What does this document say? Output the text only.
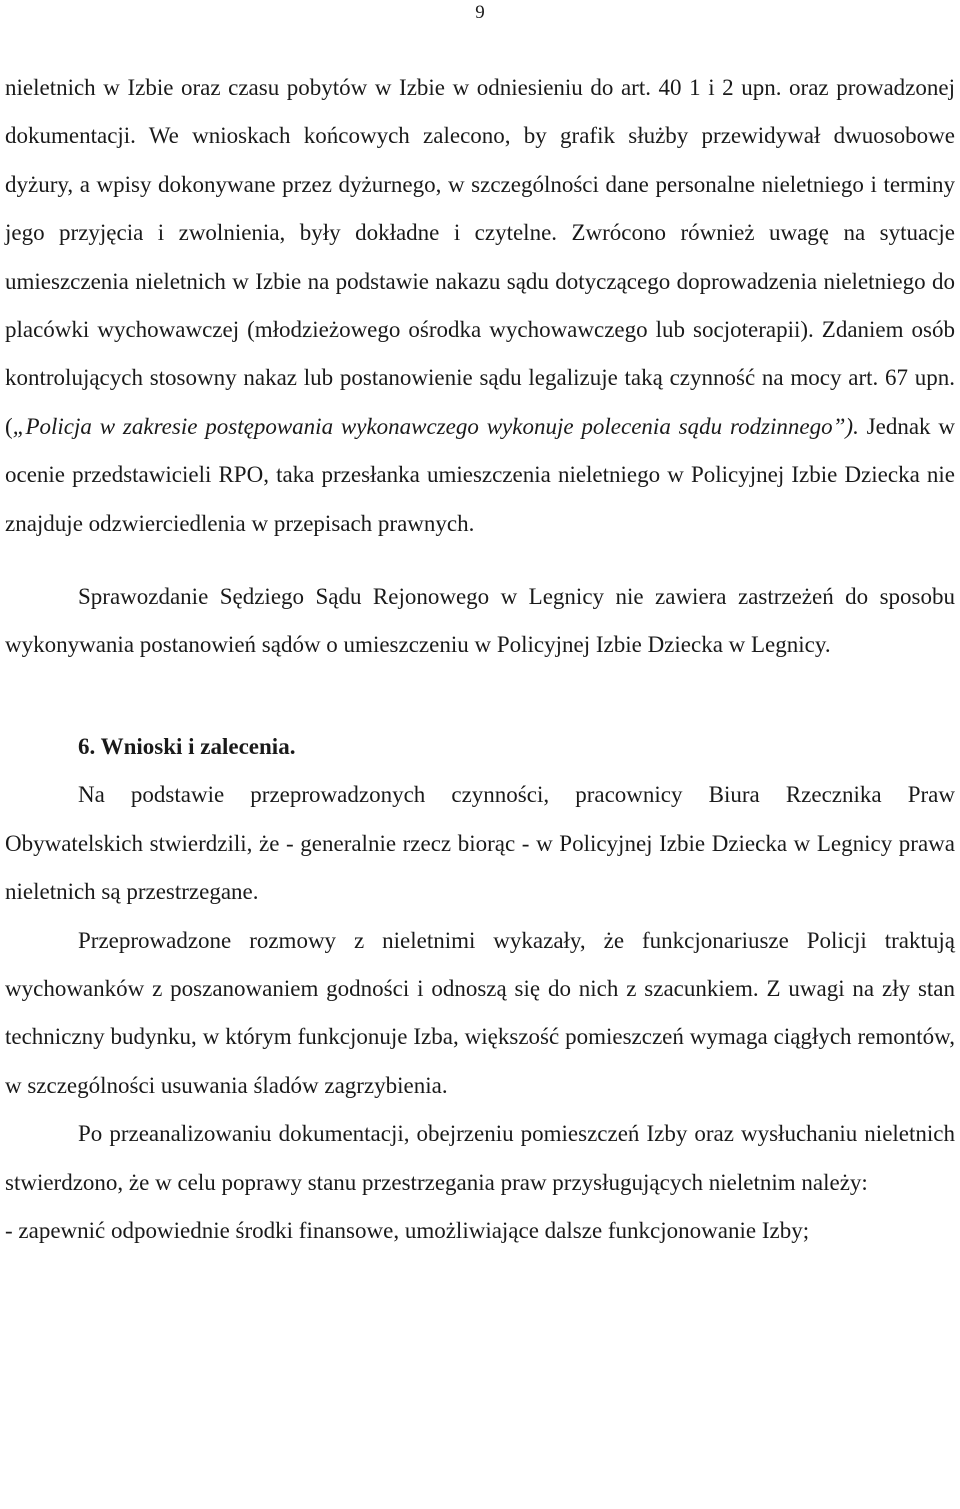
9

nieletnich w Izbie oraz czasu pobytów w Izbie w odniesieniu do art. 40 1 i 2 upn. oraz prowadzonej dokumentacji. We wnioskach końcowych zalecono, by grafik służby przewidywał dwuosobowe dyżury, a wpisy dokonywane przez dyżurnego, w szczególności dane personalne nieletniego i terminy jego przyjęcia i zwolnienia, były dokładne i czytelne. Zwrócono również uwagę na sytuacje umieszczenia nieletnich w Izbie na podstawie nakazu sądu dotyczącego doprowadzenia nieletniego do placówki wychowawczej (młodzieżowego ośrodka wychowawczego lub socjoterapii). Zdaniem osób kontrolujących stosowny nakaz lub postanowienie sądu legalizuje taką czynność na mocy art. 67 upn. („Policja w zakresie postępowania wykonawczego wykonuje polecenia sądu rodzinnego”). Jednak w ocenie przedstawicieli RPO, taka przesłanka umieszczenia nieletniego w Policyjnej Izbie Dziecka nie znajduje odzwierciedlenia w przepisach prawnych.

Sprawozdanie Sędziego Sądu Rejonowego w Legnicy nie zawiera zastrzeżeń do sposobu wykonywania postanowień sądów o umieszczeniu w Policyjnej Izbie Dziecka w Legnicy.

6. Wnioski i zalecenia.

Na podstawie przeprowadzonych czynności, pracownicy Biura Rzecznika Praw Obywatelskich stwierdzili, że - generalnie rzecz biorąc - w Policyjnej Izbie Dziecka w Legnicy prawa nieletnich są przestrzegane.

Przeprowadzone rozmowy z nieletnimi wykazały, że funkcjonariusze Policji traktują wychowanków z poszanowaniem godności i odnoszą się do nich z szacunkiem. Z uwagi na zły stan techniczny budynku, w którym funkcjonuje Izba, większość pomieszczeń wymaga ciągłych remontów, w szczególności usuwania śladów zagrzybienia.

Po przeanalizowaniu dokumentacji, obejrzeniu pomieszczeń Izby oraz wysłuchaniu nieletnich stwierdzono, że w celu poprawy stanu przestrzegania praw przysługujących nieletnim należy:

- zapewnić odpowiednie środki finansowe, umożliwiające dalsze funkcjonowanie Izby;
